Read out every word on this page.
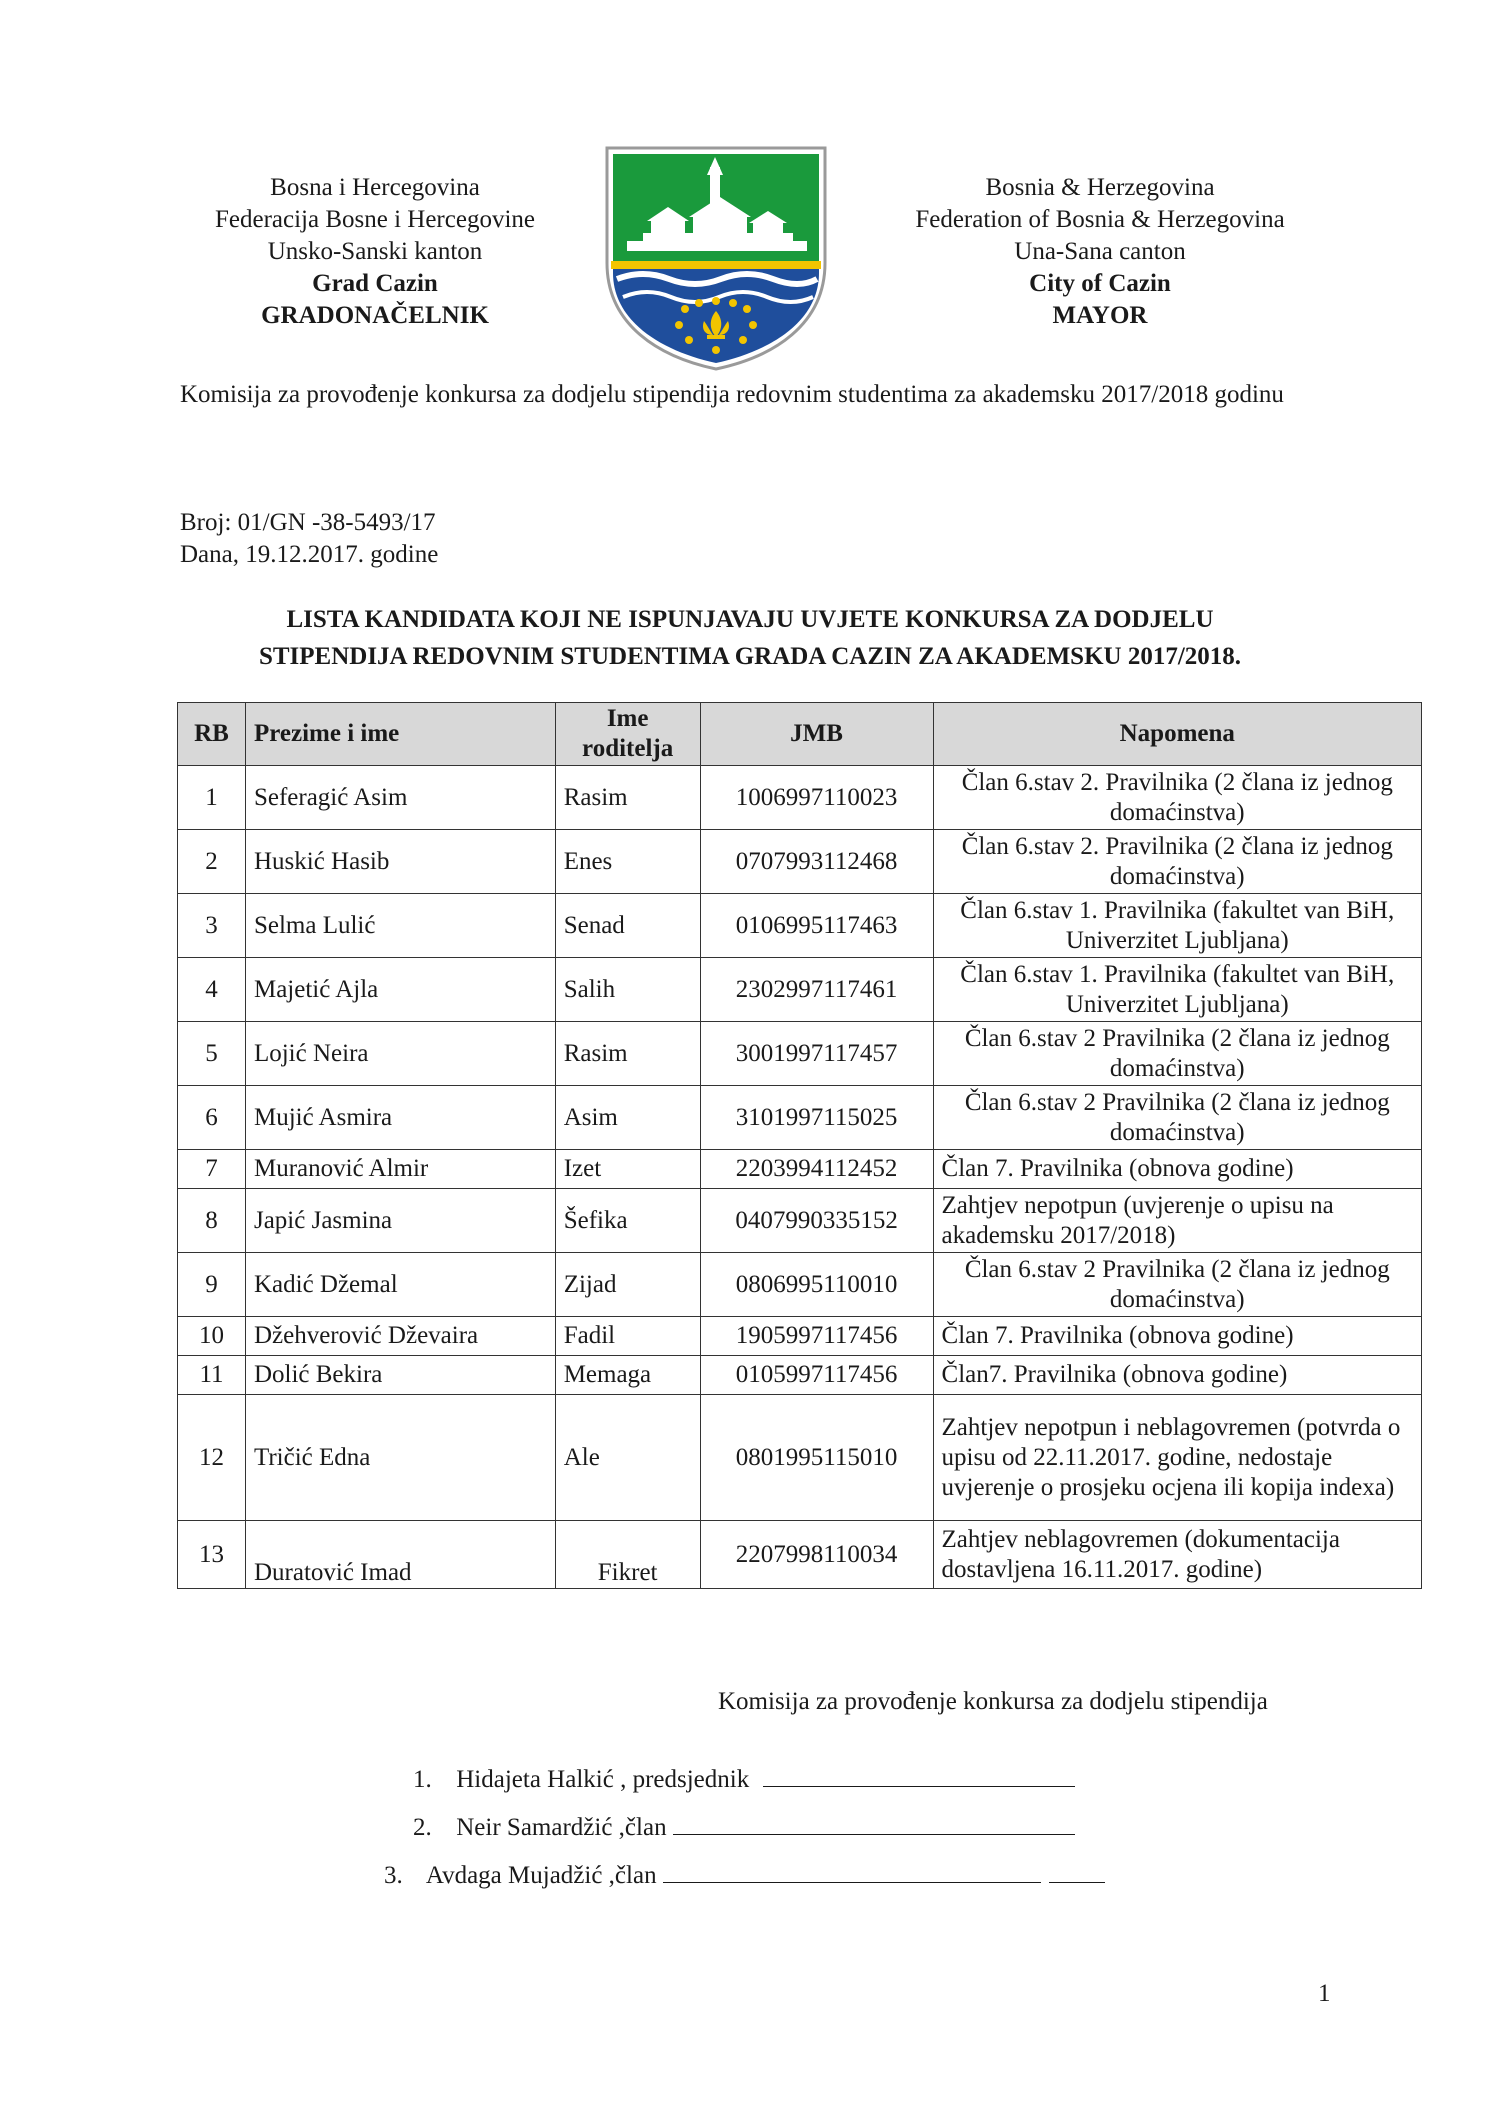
Bosna i Hercegovina
Federacija Bosne i Hercegovine
Unsko-Sanski kanton
Grad Cazin
GRADONAČELNIK
Bosnia & Herzegovina
Federation of Bosnia & Herzegovina
Una-Sana canton
City of Cazin
MAYOR
Komisija za provođenje konkursa za dodjelu stipendija redovnim studentima za akademsku 2017/2018 godinu
Broj: 01/GN -38-5493/17
Dana, 19.12.2017. godine
LISTA KANDIDATA KOJI NE ISPUNJAVAJU UVJETE KONKURSA ZA DODJELU
STIPENDIJA REDOVNIM STUDENTIMA GRADA CAZIN ZA AKADEMSKU 2017/2018.
RB	Prezime i ime	Ime roditelja	JMB	Napomena
1	Seferagić Asim	Rasim	1006997110023	Član 6.stav 2. Pravilnika (2 člana iz jednog domaćinstva)
2	Huskić Hasib	Enes	0707993112468	Član 6.stav 2. Pravilnika (2 člana iz jednog domaćinstva)
3	Selma Lulić	Senad	0106995117463	Član 6.stav 1. Pravilnika (fakultet van BiH, Univerzitet Ljubljana)
4	Majetić Ajla	Salih	2302997117461	Član 6.stav 1. Pravilnika (fakultet van BiH, Univerzitet Ljubljana)
5	Lojić Neira	Rasim	3001997117457	Član 6.stav 2 Pravilnika (2 člana iz jednog domaćinstva)
6	Mujić Asmira	Asim	3101997115025	Član 6.stav 2 Pravilnika (2 člana iz jednog domaćinstva)
7	Muranović Almir	Izet	2203994112452	Član 7. Pravilnika (obnova godine)
8	Japić Jasmina	Šefika	0407990335152	Zahtjev nepotpun (uvjerenje o upisu na akademsku 2017/2018)
9	Kadić Džemal	Zijad	0806995110010	Član 6.stav 2 Pravilnika (2 člana iz jednog domaćinstva)
10	Džehverović Dževaira	Fadil	1905997117456	Član 7. Pravilnika (obnova godine)
11	Dolić Bekira	Memaga	0105997117456	Član7. Pravilnika (obnova godine)
12	Tričić Edna	Ale	0801995115010	Zahtjev nepotpun i neblagovremen (potvrda o upisu od 22.11.2017. godine, nedostaje uvjerenje o prosjeku ocjena ili kopija indexa)
13	Duratović Imad	Fikret	2207998110034	Zahtjev neblagovremen (dokumentacija dostavljena 16.11.2017. godine)
Komisija za provođenje konkursa za dodjelu stipendija
1. Hidajeta Halkić , predsjednik
2. Neir Samardžić ,član
3. Avdaga Mujadžić ,član
1
